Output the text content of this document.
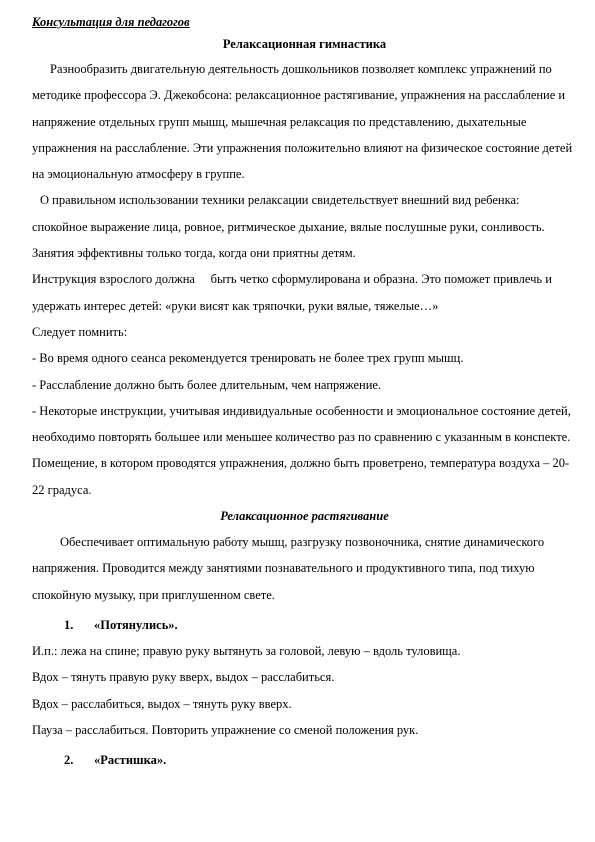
Консультация для педагогов
Релаксационная гимнастика
Разнообразить двигательную деятельность дошкольников позволяет комплекс упражнений по методике профессора Э. Джекобсона: релаксационное растягивание, упражнения на расслабление и напряжение отдельных групп мышц, мышечная релаксация по представлению, дыхательные упражнения на расслабление. Эти упражнения положительно влияют на физическое состояние детей на эмоциональную атмосферу в группе.
О правильном использовании техники релаксации свидетельствует внешний вид ребенка: спокойное выражение лица, ровное, ритмическое дыхание, вялые послушные руки, сонливость. Занятия эффективны только тогда, когда они приятны детям.
Инструкция взрослого должна     быть четко сформулирована и образна. Это поможет привлечь и удержать интерес детей: «руки висят как тряпочки, руки вялые, тяжелые…»
Следует помнить:
- Во время одного сеанса рекомендуется тренировать не более трех групп мышц.
- Расслабление должно быть более длительным, чем напряжение.
- Некоторые инструкции, учитывая индивидуальные особенности и эмоциональное состояние детей, необходимо повторять большее или меньшее количество раз по сравнению с указанным в конспекте.
Помещение, в котором проводятся упражнения, должно быть проветрено, температура воздуха – 20-22 градуса.
Релаксационное растягивание
Обеспечивает оптимальную работу мышц, разгрузку позвоночника, снятие динамического напряжения. Проводится между занятиями познавательного и продуктивного типа, под тихую спокойную музыку, при приглушенном свете.
1. «Потянулись».
И.п.: лежа на спине; правую руку вытянуть за головой, левую – вдоль туловища.
Вдох – тянуть правую руку вверх, выдох – расслабиться.
Вдох – расслабиться, выдох – тянуть руку вверх.
Пауза – расслабиться. Повторить упражнение со сменой положения рук.
2. «Растишка».
